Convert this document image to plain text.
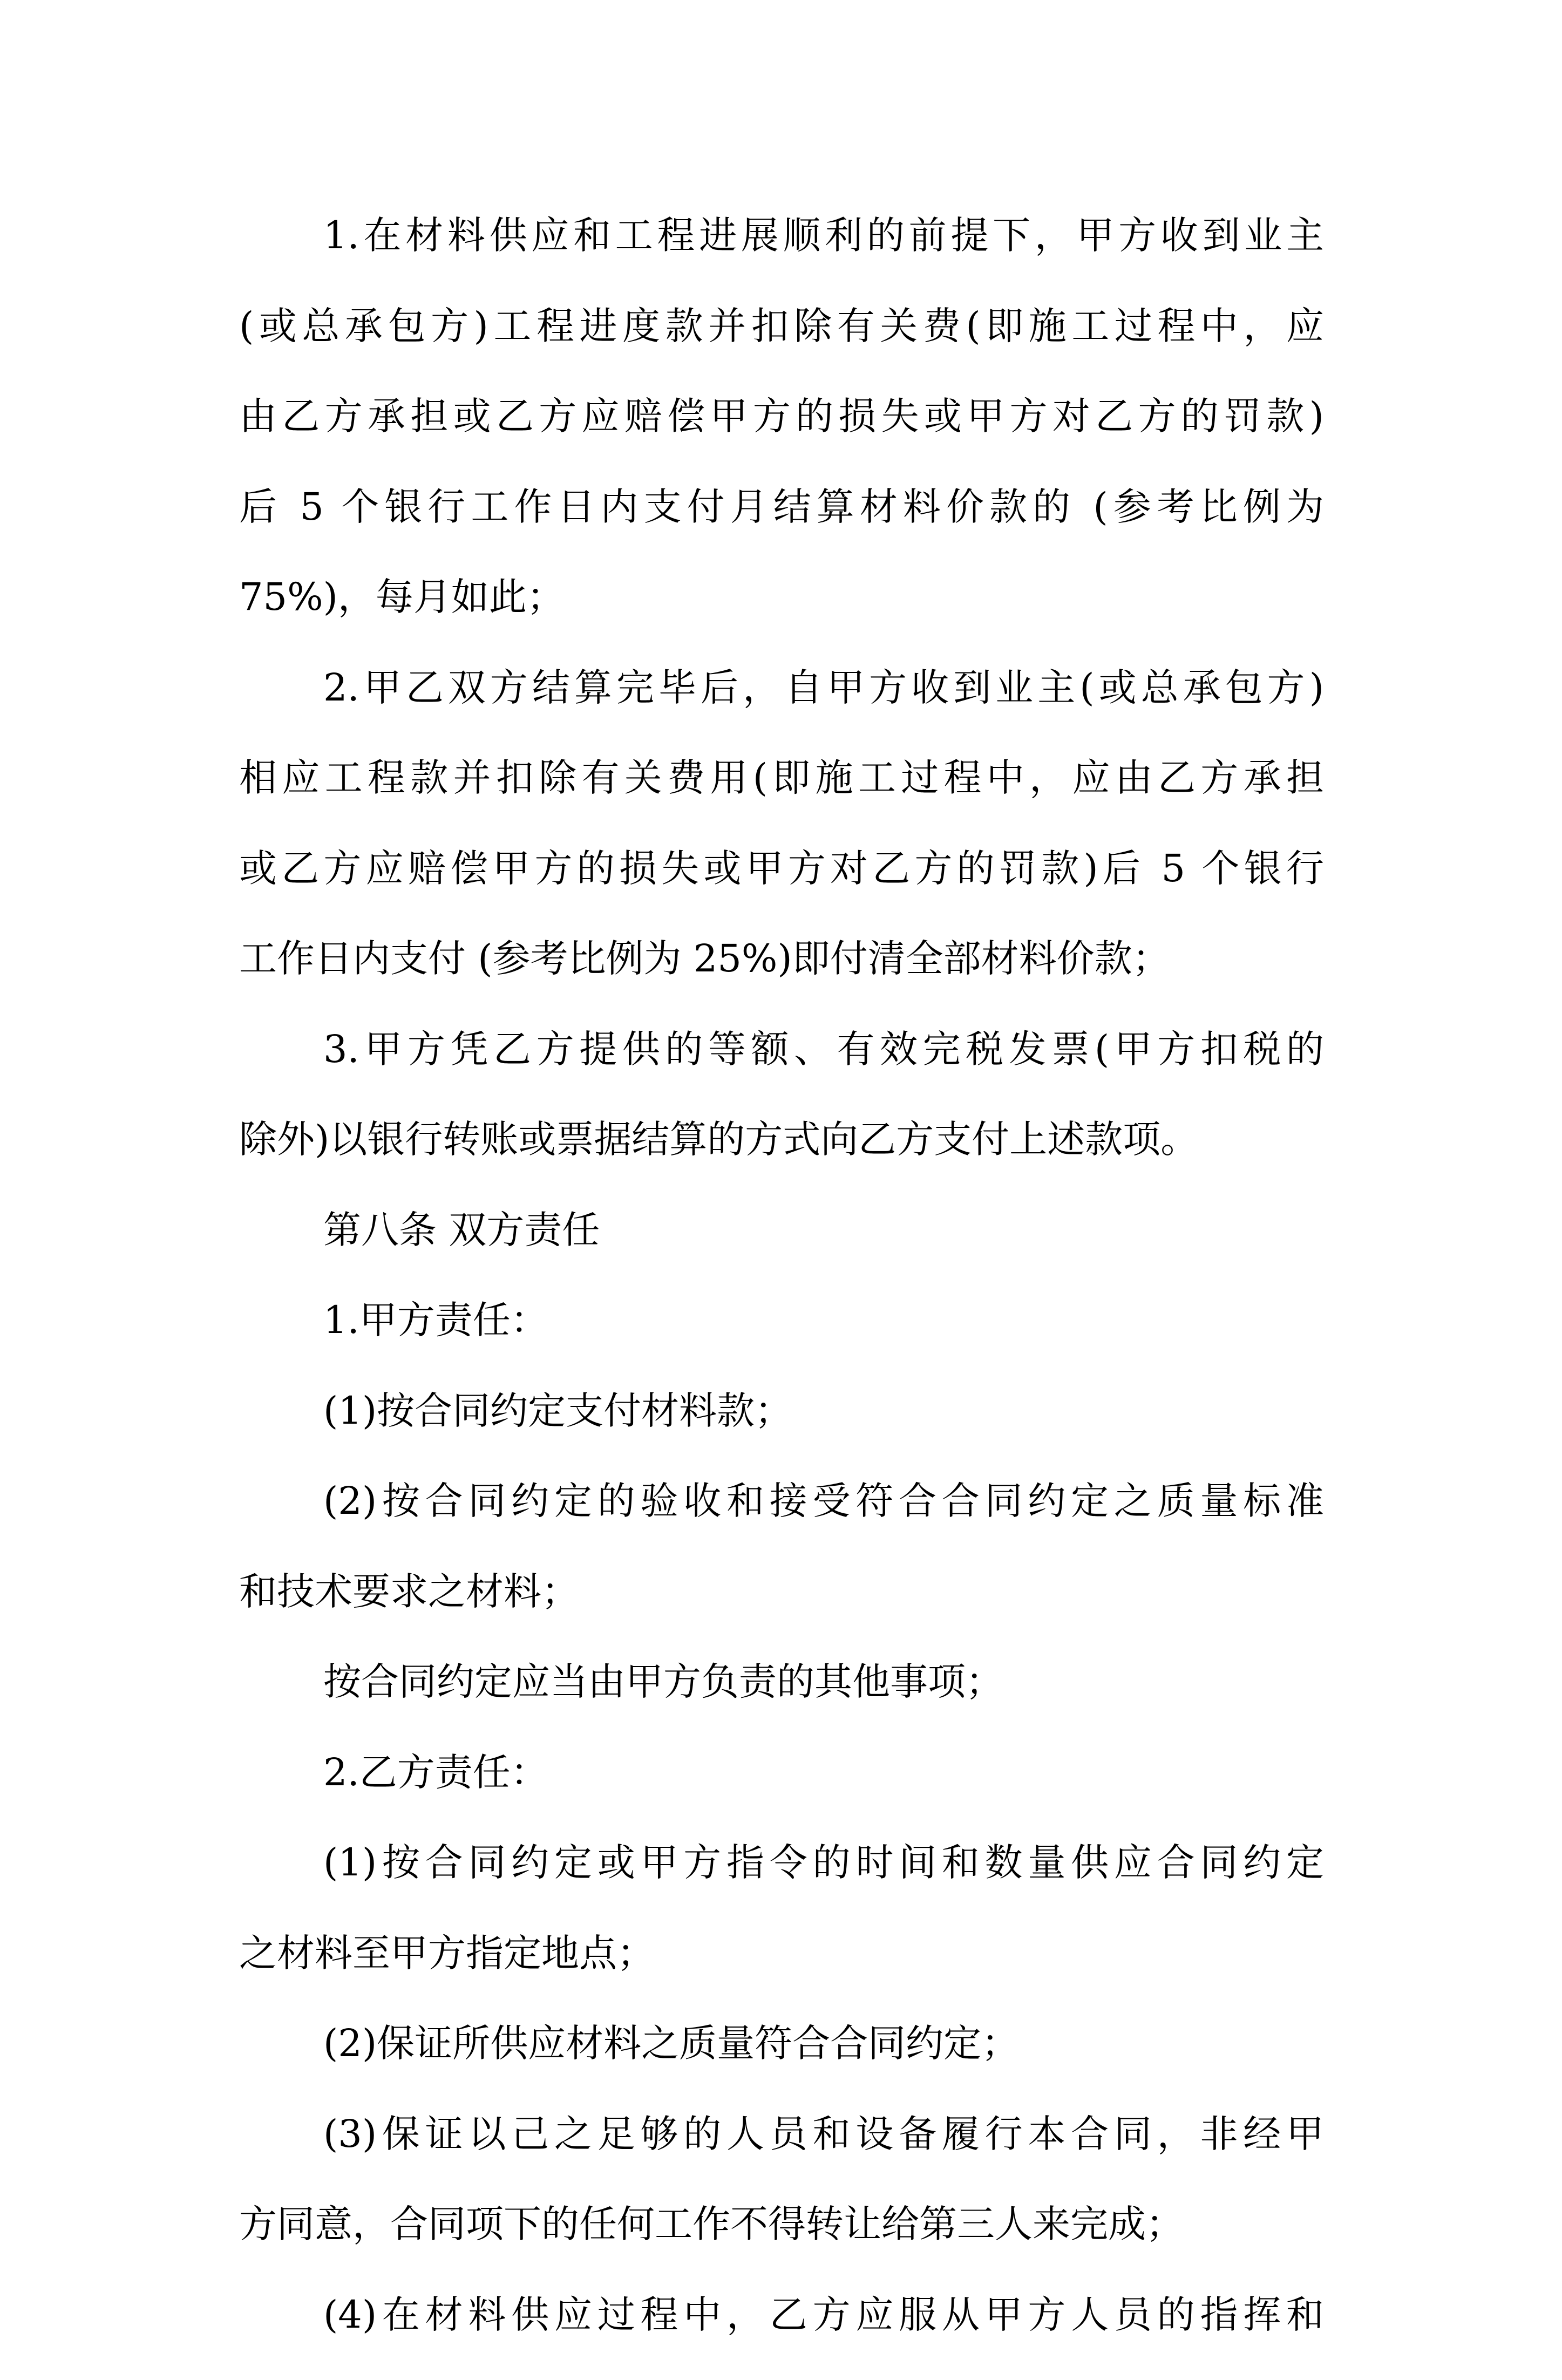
1.在材料供应和工程进展顺利的前提下，甲方收到业主
(或总承包方)工程进度款并扣除有关费(即施工过程中，应
由乙方承担或乙方应赔偿甲方的损失或甲方对乙方的罚款)
后 5 个银行工作日内支付月结算材料价款的 (参考比例为
75%)，每月如此；
2.甲乙双方结算完毕后，自甲方收到业主(或总承包方)
相应工程款并扣除有关费用(即施工过程中，应由乙方承担
或乙方应赔偿甲方的损失或甲方对乙方的罚款)后 5 个银行
工作日内支付 (参考比例为 25%)即付清全部材料价款；
3.甲方凭乙方提供的等额、有效完税发票(甲方扣税的
除外)以银行转账或票据结算的方式向乙方支付上述款项。
第八条 双方责任
1.甲方责任：
(1)按合同约定支付材料款；
(2)按合同约定的验收和接受符合合同约定之质量标准
和技术要求之材料；
按合同约定应当由甲方负责的其他事项；
2.乙方责任：
(1)按合同约定或甲方指令的时间和数量供应合同约定
之材料至甲方指定地点；
(2)保证所供应材料之质量符合合同约定；
(3)保证以己之足够的人员和设备履行本合同，非经甲
方同意，合同项下的任何工作不得转让给第三人来完成；
(4)在材料供应过程中，乙方应服从甲方人员的指挥和
